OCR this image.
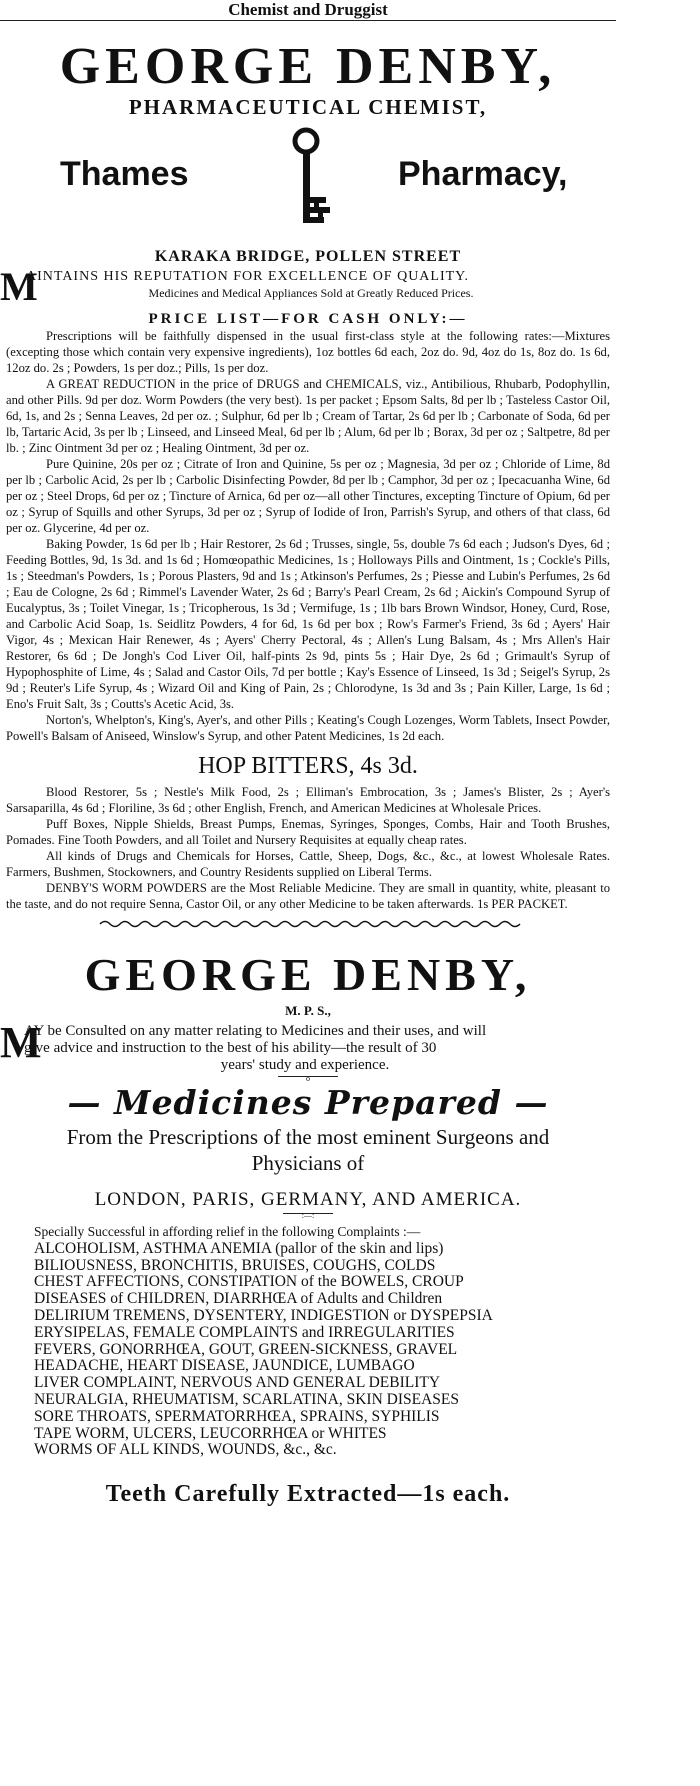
Chemist and Druggist
GEORGE DENBY,
PHARMACEUTICAL CHEMIST,
Thames	Pharmacy,
KARAKA BRIDGE, POLLEN STREET
M
AINTAINS HIS REPUTATION FOR EXCELLENCE OF QUALITY.
Medicines and Medical Appliances Sold at Greatly Reduced Prices.
PRICE LIST—FOR CASH ONLY:—

Prescriptions will be faithfully dispensed in the usual first-class style at the following rates:—Mixtures (excepting those which contain very expensive ingredients), 1oz bottles 6d each, 2oz do. 9d, 4oz do 1s, 8oz do. 1s 6d, 12oz do. 2s ; Powders, 1s per doz.; Pills, 1s per doz.

A GREAT REDUCTION in the price of DRUGS and CHEMICALS, viz., Antibilious, Rhubarb, Podophyllin, and other Pills. 9d per doz. Worm Powders (the very best). 1s per packet ; Epsom Salts, 8d per lb ; Tasteless Castor Oil, 6d, 1s, and 2s ; Senna Leaves, 2d per oz. ; Sulphur, 6d per lb ; Cream of Tartar, 2s 6d per lb ; Carbonate of Soda, 6d per lb, Tartaric Acid, 3s per lb ; Linseed, and Linseed Meal, 6d per lb ; Alum, 6d per lb ; Borax, 3d per oz ; Saltpetre, 8d per lb. ; Zinc Ointment 3d per oz ; Healing Ointment, 3d per oz.

Pure Quinine, 20s per oz ; Citrate of Iron and Quinine, 5s per oz ; Magnesia, 3d per oz ; Chloride of Lime, 8d per lb ; Carbolic Acid, 2s per lb ; Carbolic Disinfecting Powder, 8d per lb ; Camphor, 3d per oz ; Ipecacuanha Wine, 6d per oz ; Steel Drops, 6d per oz ; Tincture of Arnica, 6d per oz—all other Tinctures, excepting Tincture of Opium, 6d per oz ; Syrup of Squills and other Syrups, 3d per oz ; Syrup of Iodide of Iron, Parrish's Syrup, and others of that class, 6d per oz. Glycerine, 4d per oz.

Baking Powder, 1s 6d per lb ; Hair Restorer, 2s 6d ; Trusses, single, 5s, double 7s 6d each ; Judson's Dyes, 6d ; Feeding Bottles, 9d, 1s 3d. and 1s 6d ; Homœopathic Medicines, 1s ; Holloways Pills and Ointment, 1s ; Cockle's Pills, 1s ; Steedman's Powders, 1s ; Porous Plasters, 9d and 1s ; Atkinson's Perfumes, 2s ; Piesse and Lubin's Perfumes, 2s 6d ; Eau de Cologne, 2s 6d ; Rimmel's Lavender Water, 2s 6d ; Barry's Pearl Cream, 2s 6d ; Aickin's Compound Syrup of Eucalyptus, 3s ; Toilet Vinegar, 1s ; Tricopherous, 1s 3d ; Vermifuge, 1s ; 1lb bars Brown Windsor, Honey, Curd, Rose, and Carbolic Acid Soap, 1s. Seidlitz Powders, 4 for 6d, 1s 6d per box ; Row's Farmer's Friend, 3s 6d ; Ayers' Hair Vigor, 4s ; Mexican Hair Renewer, 4s ; Ayers' Cherry Pectoral, 4s ; Allen's Lung Balsam, 4s ; Mrs Allen's Hair Restorer, 6s 6d ; De Jongh's Cod Liver Oil, half-pints 2s 9d, pints 5s ; Hair Dye, 2s 6d ; Grimault's Syrup of Hypophosphite of Lime, 4s ; Salad and Castor Oils, 7d per bottle ; Kay's Essence of Linseed, 1s 3d ; Seigel's Syrup, 2s 9d ; Reuter's Life Syrup, 4s ; Wizard Oil and King of Pain, 2s ; Chlorodyne, 1s 3d and 3s ; Pain Killer, Large, 1s 6d ; Eno's Fruit Salt, 3s ; Coutts's Acetic Acid, 3s.

Norton's, Whelpton's, King's, Ayer's, and other Pills ; Keating's Cough Lozenges, Worm Tablets, Insect Powder, Powell's Balsam of Aniseed, Winslow's Syrup, and other Patent Medicines, 1s 2d each.

HOP BITTERS, 4s 3d.

Blood Restorer, 5s ; Nestle's Milk Food, 2s ; Elliman's Embrocation, 3s ; James's Blister, 2s ; Ayer's Sarsaparilla, 4s 6d ; Floriline, 3s 6d ; other English, French, and American Medicines at Wholesale Prices.

Puff Boxes, Nipple Shields, Breast Pumps, Enemas, Syringes, Sponges, Combs, Hair and Tooth Brushes, Pomades. Fine Tooth Powders, and all Toilet and Nursery Requisites at equally cheap rates.

All kinds of Drugs and Chemicals for Horses, Cattle, Sheep, Dogs, &c., &c., at lowest Wholesale Rates. Farmers, Bushmen, Stockowners, and Country Residents supplied on Liberal Terms.

DENBY'S WORM POWDERS are the Most Reliable Medicine. They are small in quantity, white, pleasant to the taste, and do not require Senna, Castor Oil, or any other Medicine to be taken afterwards. 1s PER PACKET.

GEORGE DENBY,
M. P. S.,
M
AY be Consulted on any matter relating to Medicines and their uses, and will
give advice and instruction to the best of his ability—the result of 30
years' study and experience.
o
— Medicines Prepared —
From the Prescriptions of the most eminent Surgeons and
Physicians of
LONDON, PARIS, GERMANY, AND AMERICA.
:—:
Specially Successful in affording relief in the following Complaints :—
ALCOHOLISM, ASTHMA ANEMIA (pallor of the skin and lips)
BILIOUSNESS, BRONCHITIS, BRUISES, COUGHS, COLDS
CHEST AFFECTIONS, CONSTIPATION of the BOWELS, CROUP
DISEASES of CHILDREN, DIARRHŒA of Adults and Children
DELIRIUM TREMENS, DYSENTERY, INDIGESTION or DYSPEPSIA
ERYSIPELAS, FEMALE COMPLAINTS and IRREGULARITIES
FEVERS, GONORRHŒA, GOUT, GREEN-SICKNESS, GRAVEL
HEADACHE, HEART DISEASE, JAUNDICE, LUMBAGO
LIVER COMPLAINT, NERVOUS AND GENERAL DEBILITY
NEURALGIA, RHEUMATISM, SCARLATINA, SKIN DISEASES
SORE THROATS, SPERMATORRHŒA, SPRAINS, SYPHILIS
TAPE WORM, ULCERS, LEUCORRHŒA or WHITES
WORMS OF ALL KINDS, WOUNDS, &c., &c.
Teeth Carefully Extracted—1s each.
